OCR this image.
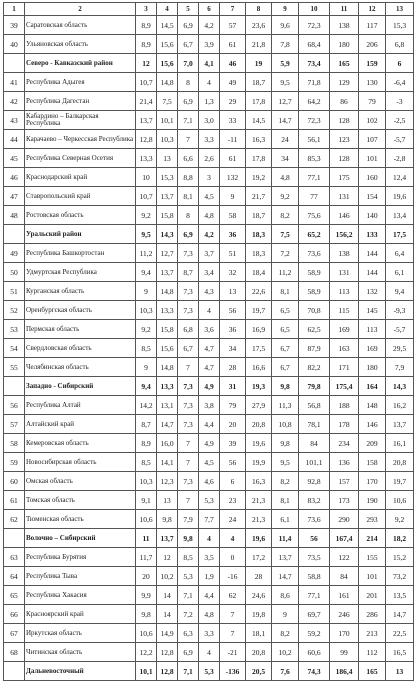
1	2	3	4	5	6	7	8	9	10	11	12	13
39	Саратовская область	8,9	14,5	6,9	4,2	57	23,6	9,6	72,3	138	117	15,3
40	Ульяновская область	8,9	15,6	6,7	3,9	61	21,8	7,8	68,4	180	206	6,8
	Северо - Кавказский район	12	15,6	7,0	4,1	46	19	5,9	73,4	165	159	6
41	Республика Адыгея	10,7	14,8	8	4	49	18,7	9,5	71,8	129	130	-6,4
42	Республика Дагестан	21,4	7,5	6,9	1,3	29	17,8	12,7	64,2	86	79	-3
43	Кабардино – Балкарская Республика	13,7	10,1	7,1	3,0	33	14,5	14,7	72,3	128	102	-2,5
44	Карачаево – Черкесская Республика	12,8	10,3	7	3,3	-11	16,3	24	56,1	123	107	-5,7
45	Республика Северная Осетия	13,3	13	6,6	2,6	61	17,8	34	85,3	128	101	-2,8
46	Краснодарский край	10	15,3	8,8	3	132	19,2	4,8	77,1	175	160	12,4
47	Ставропольский край	10,7	13,7	8,1	4,5	9	21,7	9,2	77	131	154	19,6
48	Ростовская область	9,2	15,8	8	4,8	58	18,7	8,2	75,6	146	140	13,4
	Уральский район	9,5	14,3	6,9	4,2	36	18,3	7,5	65,2	156,2	133	17,5
49	Республика Башкортостан	11,2	12,7	7,3	3,7	51	18,3	7,2	73,6	138	144	6,4
50	Удмуртская Республика	9,4	13,7	8,7	3,4	32	18,4	11,2	58,9	131	144	6,1
51	Курганская область	9	14,8	7,3	4,3	13	22,6	8,1	58,9	113	132	9,4
52	Оренбургская область	10,3	13,3	7,3	4	56	19,7	6,5	70,8	115	145	-9,3
53	Пермская область	9,2	15,8	6,8	3,6	36	16,9	6,5	62,5	169	113	-5,7
54	Свердловская область	8,5	15,6	6,7	4,7	34	17,5	6,7	87,9	163	169	29,5
55	Челябинская область	9	14,8	7	4,7	28	16,6	6,7	82,2	171	180	7,9
	Западно - Сибирский	9,4	13,3	7,3	4,9	31	19,3	9,8	79,8	175,4	164	14,3
56	Республика Алтай	14,2	13,1	7,3	3,8	79	27,9	11,3	56,8	188	148	16,2
57	Алтайский край	8,7	14,7	7,3	4,4	20	20,8	10,8	78,1	178	146	13,7
58	Кемеровская область	8,9	16,0	7	4,9	39	19,6	9,8	84	234	209	16,1
59	Новосибирская область	8,5	14,1	7	4,5	56	19,9	9,5	101,1	136	158	20,8
60	Омская область	10,3	12,3	7,3	4,6	6	16,3	8,2	92,8	157	170	19,7
61	Томская область	9,1	13	7	5,3	23	21,3	8,1	83,2	173	190	10,6
62	Тюменская область	10,6	9,8	7,9	7,7	24	21,3	6,1	73,6	290	293	9,2
	Волочно – Сибирский	11	13,7	9,8	4	4	19,6	11,4	56	167,4	214	18,2
63	Республика Бурятия	11,7	12	8,5	3,5	0	17,2	13,7	73,5	122	155	15,2
64	Республика Тыва	20	10,2	5,3	1,9	-16	28	14,7	58,8	84	101	73,2
65	Республика Хакасия	9,9	14	7,1	4,4	62	24,6	8,6	77,1	161	201	13,5
66	Красноярский край	9,8	14	7,2	4,8	7	19,8	9	69,7	246	286	14,7
67	Иркутская область	10,6	14,9	6,3	3,3	7	18,1	8,2	59,2	170	213	22,5
68	Читинская область	12,2	12,8	6,9	4	-21	20,8	10,2	60,6	99	112	16,5
	Дальневосточный	10,1	12,8	7,1	5,3	-136	20,5	7,6	74,3	186,4	165	13
